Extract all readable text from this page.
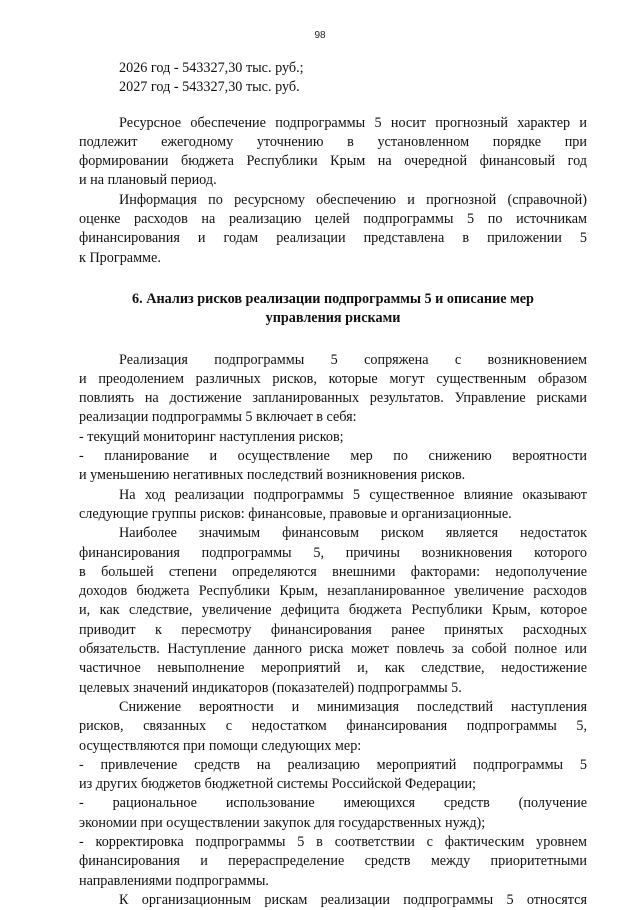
98
2026 год - 543327,30 тыс. руб.;
2027 год - 543327,30 тыс. руб.
Ресурсное обеспечение подпрограммы 5 носит прогнозный характер и
подлежит ежегодному уточнению в установленном порядке при
формировании бюджета Республики Крым на очередной финансовый год
и на плановый период.
Информация по ресурсному обеспечению и прогнозной (справочной)
оценке расходов на реализацию целей подпрограммы 5 по источникам
финансирования и годам реализации представлена в приложении 5
к Программе.
6. Анализ рисков реализации подпрограммы 5 и описание мер
управления рисками
Реализация подпрограммы 5 сопряжена с возникновением
и преодолением различных рисков, которые могут существенным образом
повлиять на достижение запланированных результатов. Управление рисками
реализации подпрограммы 5 включает в себя:
- текущий мониторинг наступления рисков;
- планирование и осуществление мер по снижению вероятности
и уменьшению негативных последствий возникновения рисков.
На ход реализации подпрограммы 5 существенное влияние оказывают
следующие группы рисков: финансовые, правовые и организационные.
Наиболее значимым финансовым риском является недостаток
финансирования подпрограммы 5, причины возникновения которого
в большей степени определяются внешними факторами: недополучение
доходов бюджета Республики Крым, незапланированное увеличение расходов
и, как следствие, увеличение дефицита бюджета Республики Крым, которое
приводит к пересмотру финансирования ранее принятых расходных
обязательств. Наступление данного риска может повлечь за собой полное или
частичное невыполнение мероприятий и, как следствие, недостижение
целевых значений индикаторов (показателей) подпрограммы 5.
Снижение вероятности и минимизация последствий наступления
рисков, связанных с недостатком финансирования подпрограммы 5,
осуществляются при помощи следующих мер:
- привлечение средств на реализацию мероприятий подпрограммы 5
из других бюджетов бюджетной системы Российской Федерации;
- рациональное использование имеющихся средств (получение
экономии при осуществлении закупок для государственных нужд);
- корректировка подпрограммы 5 в соответствии с фактическим уровнем
финансирования и перераспределение средств между приоритетными
направлениями подпрограммы.
К организационным рискам реализации подпрограммы 5 относятся
